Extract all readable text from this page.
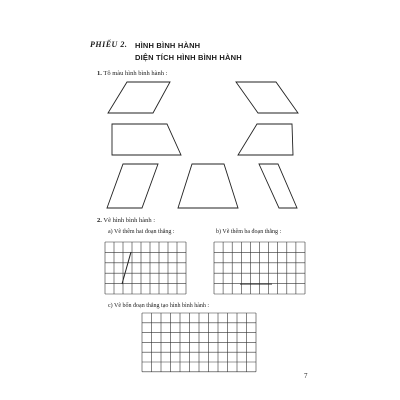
PHIẾU 2. HÌNH BÌNH HÀNH
DIỆN TÍCH HÌNH BÌNH HÀNH
1. Tô màu hình bình hành :
2. Vẽ hình bình hành :
a) Vẽ thêm hai đoạn thẳng :	b) Vẽ thêm ba đoạn thẳng :
c) Vẽ bốn đoạn thẳng tạo hình bình hành :
7
